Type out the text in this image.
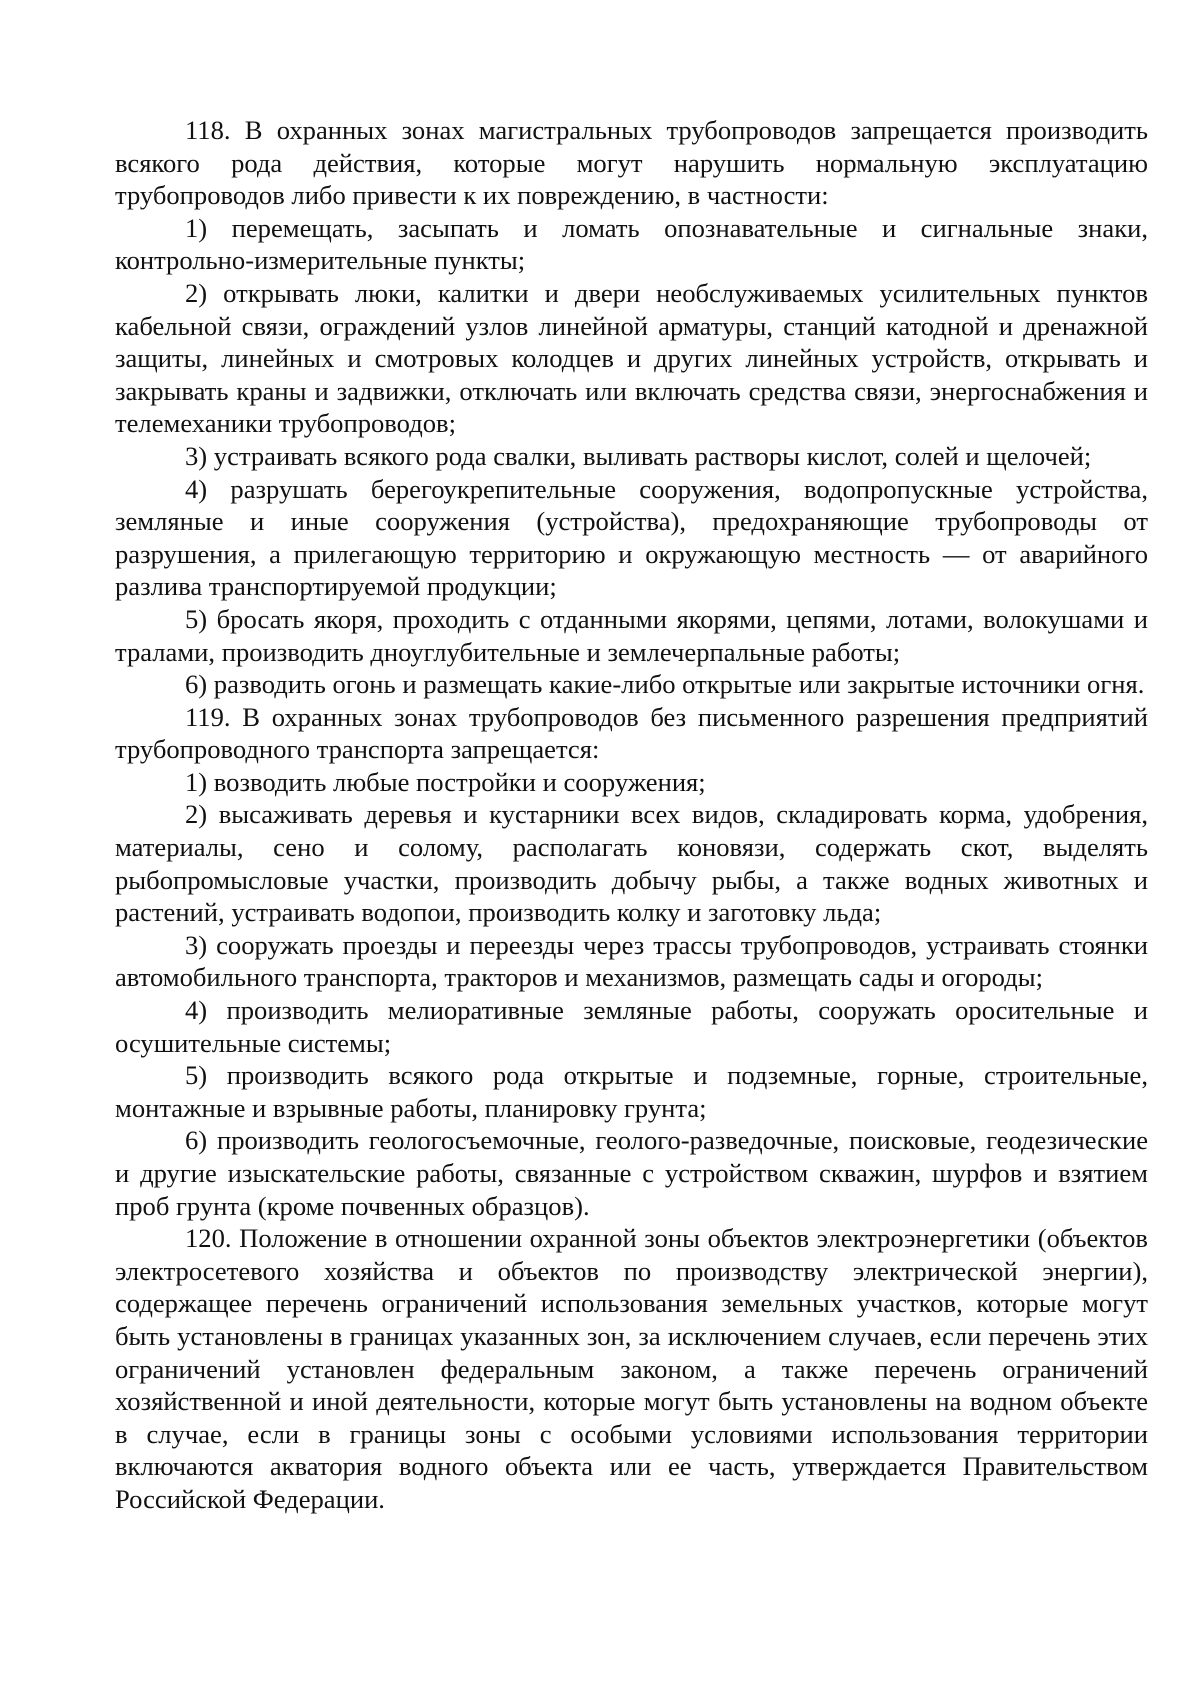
118. В охранных зонах магистральных трубопроводов запрещается производить всякого рода действия, которые могут нарушить нормальную эксплуатацию трубопроводов либо привести к их повреждению, в частности:

1) перемещать, засыпать и ломать опознавательные и сигнальные знаки, контрольно-измерительные пункты;

2) открывать люки, калитки и двери необслуживаемых усилительных пунктов кабельной связи, ограждений узлов линейной арматуры, станций катодной и дренажной защиты, линейных и смотровых колодцев и других линейных устройств, открывать и закрывать краны и задвижки, отключать или включать средства связи, энергоснабжения и телемеханики трубопроводов;

3) устраивать всякого рода свалки, выливать растворы кислот, солей и щелочей;

4) разрушать берегоукрепительные сооружения, водопропускные устройства, земляные и иные сооружения (устройства), предохраняющие трубопроводы от разрушения, а прилегающую территорию и окружающую местность — от аварийного разлива транспортируемой продукции;

5) бросать якоря, проходить с отданными якорями, цепями, лотами, волокушами и тралами, производить дноуглубительные и землечерпальные работы;

6) разводить огонь и размещать какие-либо открытые или закрытые источники огня.

119. В охранных зонах трубопроводов без письменного разрешения предприятий трубопроводного транспорта запрещается:

1) возводить любые постройки и сооружения;

2) высаживать деревья и кустарники всех видов, складировать корма, удобрения, материалы, сено и солому, располагать коновязи, содержать скот, выделять рыбопромысловые участки, производить добычу рыбы, а также водных животных и растений, устраивать водопои, производить колку и заготовку льда;

3) сооружать проезды и переезды через трассы трубопроводов, устраивать стоянки автомобильного транспорта, тракторов и механизмов, размещать сады и огороды;

4) производить мелиоративные земляные работы, сооружать оросительные и осушительные системы;

5) производить всякого рода открытые и подземные, горные, строительные, монтажные и взрывные работы, планировку грунта;

6) производить геологосъемочные, геолого-разведочные, поисковые, геодезические и другие изыскательские работы, связанные с устройством скважин, шурфов и взятием проб грунта (кроме почвенных образцов).

120. Положение в отношении охранной зоны объектов электроэнергетики (объектов электросетевого хозяйства и объектов по производству электрической энергии), содержащее перечень ограничений использования земельных участков, которые могут быть установлены в границах указанных зон, за исключением случаев, если перечень этих ограничений установлен федеральным законом, а также перечень ограничений хозяйственной и иной деятельности, которые могут быть установлены на водном объекте в случае, если в границы зоны с особыми условиями использования территории включаются акватория водного объекта или ее часть, утверждается Правительством Российской Федерации.
